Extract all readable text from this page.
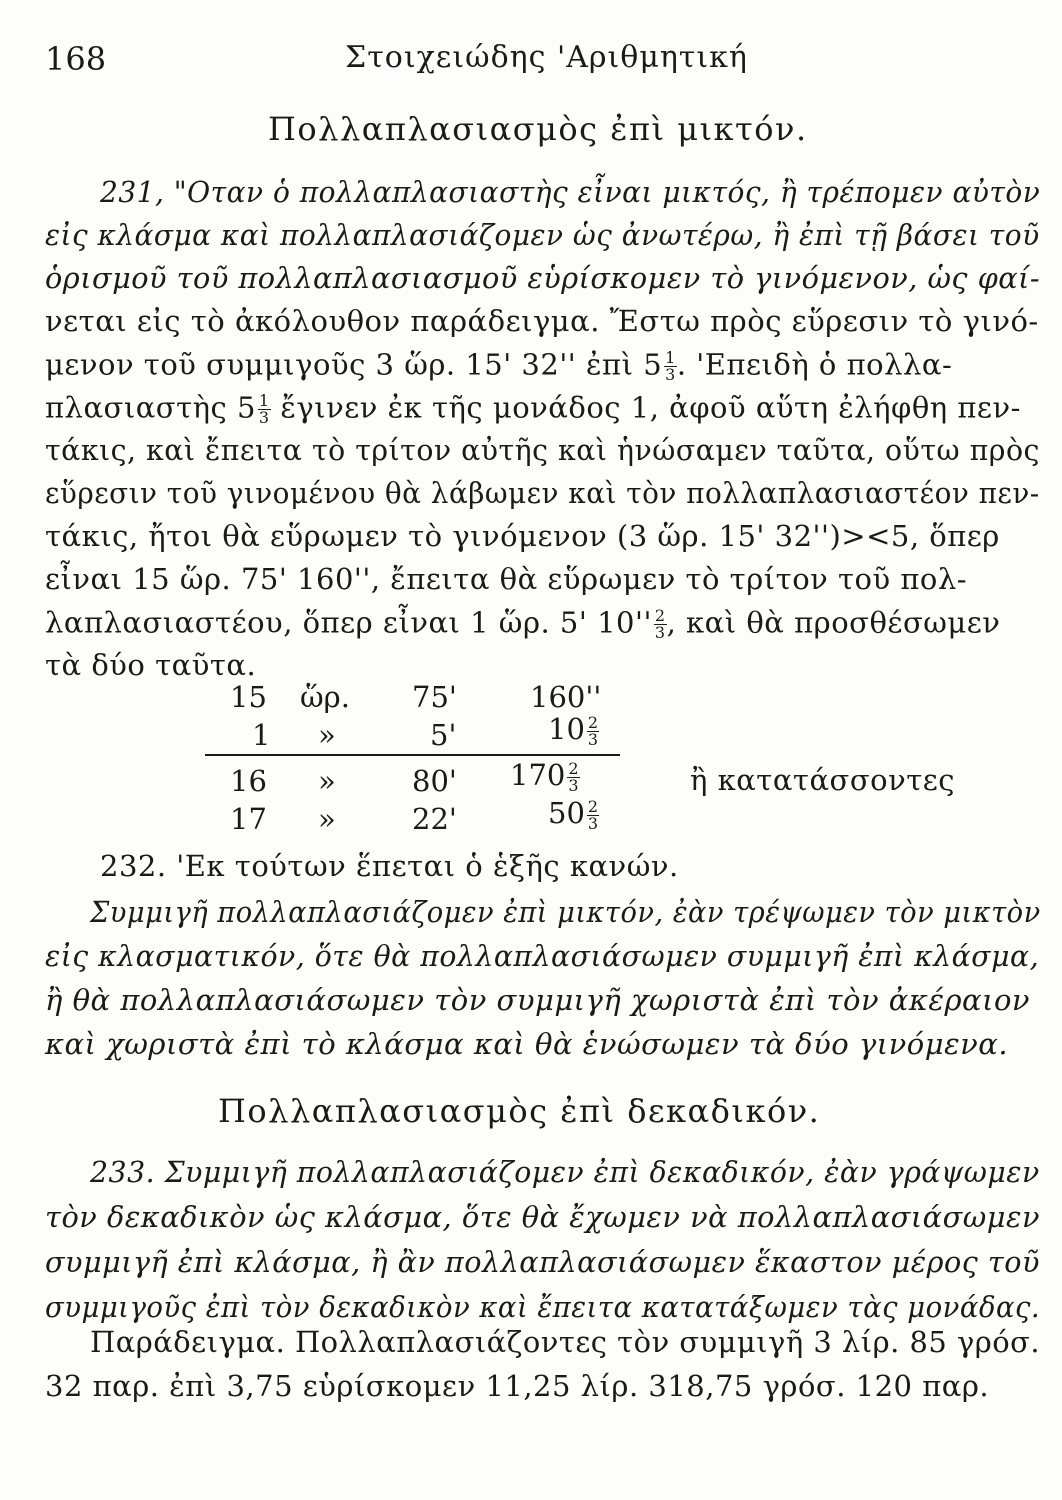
168	Στοιχειώδης 'Αριθμητική
Πολλαπλασιασμὸς ἐπὶ μικτόν.
231, "Οταν ὁ πολλαπλασιαστὴς εἶναι μικτός, ἢ τρέπομεν αὐτὸν
εἰς κλάσμα καὶ πολλαπλασιάζομεν ὡς ἀνωτέρω, ἢ ἐπὶ τῇ βάσει τοῦ
ὁρισμοῦ τοῦ πολλαπλασιασμοῦ εὑρίσκομεν τὸ γινόμενον, ὡς φαί-
νεται εἰς τὸ ἀκόλουθον παράδειγμα. Ἔστω πρὸς εὕρεσιν τὸ γινό-
μενον τοῦ συμμιγοῦς 3 ὥρ. 15' 32'' ἐπὶ $5 \frac{1}{3}$ . 'Επειδὴ ὁ πολλα-
πλασιαστὴς $5 \frac{1}{3}$ ἔγινεν ἐκ τῆς μονάδος 1, ἀφοῦ αὕτη ἐλήφθη πεν-
τάκις, καὶ ἔπειτα τὸ τρίτον αὐτῆς καὶ ἡνώσαμεν ταῦτα, οὕτω πρὸς
εὕρεσιν τοῦ γινομένου θὰ λάβωμεν καὶ τὸν πολλαπλασιαστέον πεν-
τάκις, ἤτοι θὰ εὕρωμεν τὸ γινόμενον (3 ὥρ. 15' 32'')><5, ὅπερ
εἶναι 15 ὥρ. 75' 160'', ἔπειτα θὰ εὕρωμεν τὸ τρίτον τοῦ πολ-
λαπλασιαστέου, ὅπερ εἶναι 1 ὥρ. 5' $10'' \frac{2}{3}$ , καὶ θὰ προσθέσωμεν
τὰ δύο ταῦτα.
15 ὥρ. 75'	160''
1 »	5'	$10 \frac{2}{3}$
16 »	80' $170 \frac{2}{3}$	ἢ κατατάσσοντες
17 »	22'	$50 \frac{2}{3}$
232. 'Εκ τούτων ἕπεται ὁ ἑξῆς κανών.
Συμμιγῆ πολλαπλασιάζομεν ἐπὶ μικτόν, ἐὰν τρέψωμεν τὸν μικτὸν
εἰς κλασματικόν, ὅτε θὰ πολλαπλασιάσωμεν συμμιγῆ ἐπὶ κλάσμα,
ἢ θὰ πολλαπλασιάσωμεν τὸν συμμιγῆ χωριστὰ ἐπὶ τὸν ἀκέραιον
καὶ χωριστὰ ἐπὶ τὸ κλάσμα καὶ θὰ ἑνώσωμεν τὰ δύο γινόμενα.
Πολλαπλασιασμὸς ἐπὶ δεκαδικόν.
233. Συμμιγῆ πολλαπλασιάζομεν ἐπὶ δεκαδικόν, ἐὰν γράψωμεν
τὸν δεκαδικὸν ὡς κλάσμα, ὅτε θὰ ἔχωμεν νὰ πολλαπλασιάσωμεν
συμμιγῆ ἐπὶ κλάσμα, ἢ ἂν πολλαπλασιάσωμεν ἕκαστον μέρος τοῦ
συμμιγοῦς ἐπὶ τὸν δεκαδικὸν καὶ ἔπειτα κατατάξωμεν τὰς μονάδας.
Παράδειγμα. Πολλαπλασιάζοντες τὸν συμμιγῆ 3 λίρ. 85 γρόσ.
32 παρ. ἐπὶ 3,75 εὑρίσκομεν 11,25 λίρ. 318,75 γρόσ. 120 παρ.
